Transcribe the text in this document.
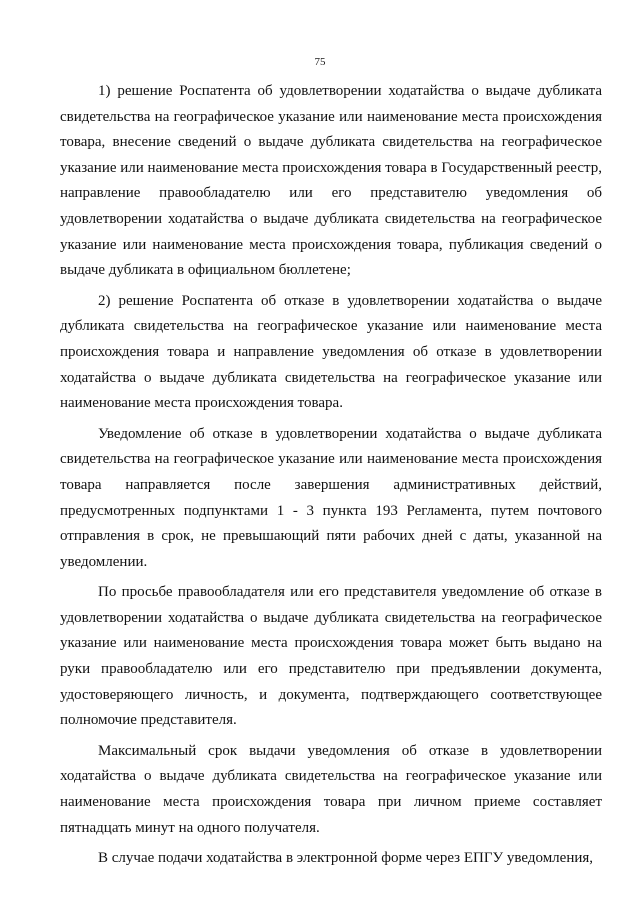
75

1) решение Роспатента об удовлетворении ходатайства о выдаче дубликата свидетельства на географическое указание или наименование места происхождения товара, внесение сведений о выдаче дубликата свидетельства на географическое указание или наименование места происхождения товара в Государственный реестр, направление правообладателю или его представителю уведомления об удовлетворении ходатайства о выдаче дубликата свидетельства на географическое указание или наименование места происхождения товара, публикация сведений о выдаче дубликата в официальном бюллетене;

2) решение Роспатента об отказе в удовлетворении ходатайства о выдаче дубликата свидетельства на географическое указание или наименование места происхождения товара и направление уведомления об отказе в удовлетворении ходатайства о выдаче дубликата свидетельства на географическое указание или наименование места происхождения товара.

Уведомление об отказе в удовлетворении ходатайства о выдаче дубликата свидетельства на географическое указание или наименование места происхождения товара направляется после завершения административных действий, предусмотренных подпунктами 1 - 3 пункта 193 Регламента, путем почтового отправления в срок, не превышающий пяти рабочих дней с даты, указанной на уведомлении.

По просьбе правообладателя или его представителя уведомление об отказе в удовлетворении ходатайства о выдаче дубликата свидетельства на географическое указание или наименование места происхождения товара может быть выдано на руки правообладателю или его представителю при предъявлении документа, удостоверяющего личность, и документа, подтверждающего соответствующее полномочие представителя.

Максимальный срок выдачи уведомления об отказе в удовлетворении ходатайства о выдаче дубликата свидетельства на географическое указание или наименование места происхождения товара при личном приеме составляет пятнадцать минут на одного получателя.

В случае подачи ходатайства в электронной форме через ЕПГУ уведомления,
